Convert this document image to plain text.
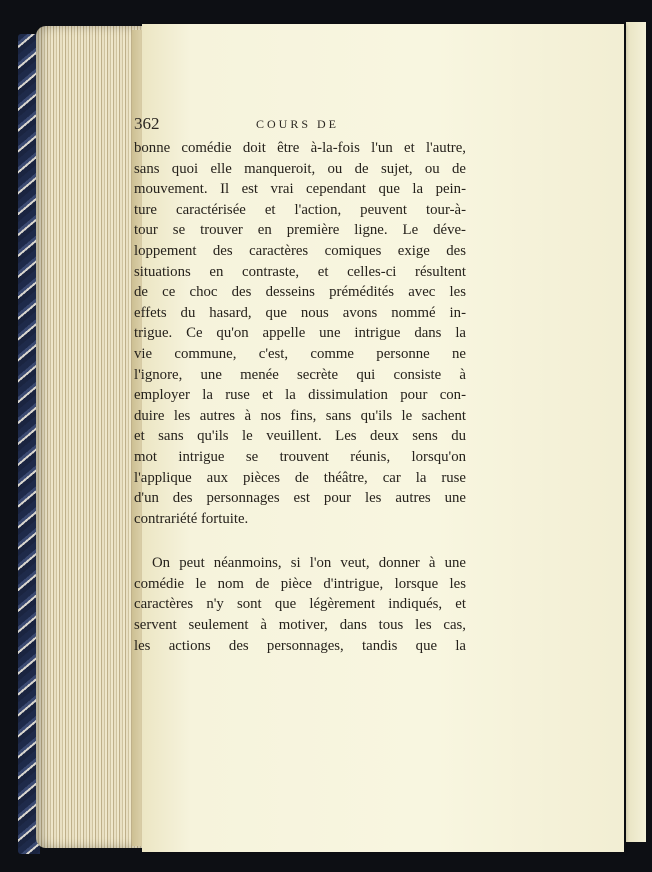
362	COURS DE
bonne comédie doit être à-la-fois l'un et l'autre,
sans quoi elle manqueroit, ou de sujet, ou de
mouvement. Il est vrai cependant que la pein-
ture caractérisée et l'action, peuvent tour-à-
tour se trouver en première ligne. Le déve-
loppement des caractères comiques exige des
situations en contraste, et celles-ci résultent
de ce choc des desseins prémédités avec les
effets du hasard, que nous avons nommé in-
trigue. Ce qu'on appelle une intrigue dans la
vie commune, c'est, comme personne ne
l'ignore, une menée secrète qui consiste à
employer la ruse et la dissimulation pour con-
duire les autres à nos fins, sans qu'ils le sachent
et sans qu'ils le veuillent. Les deux sens du
mot intrigue se trouvent réunis, lorsqu'on
l'applique aux pièces de théâtre, car la ruse
d'un des personnages est pour les autres une
contrariété fortuite.
On peut néanmoins, si l'on veut, donner à une
comédie le nom de pièce d'intrigue, lorsque les
caractères n'y sont que légèrement indiqués, et
servent seulement à motiver, dans tous les cas,
les actions des personnages, tandis que la
